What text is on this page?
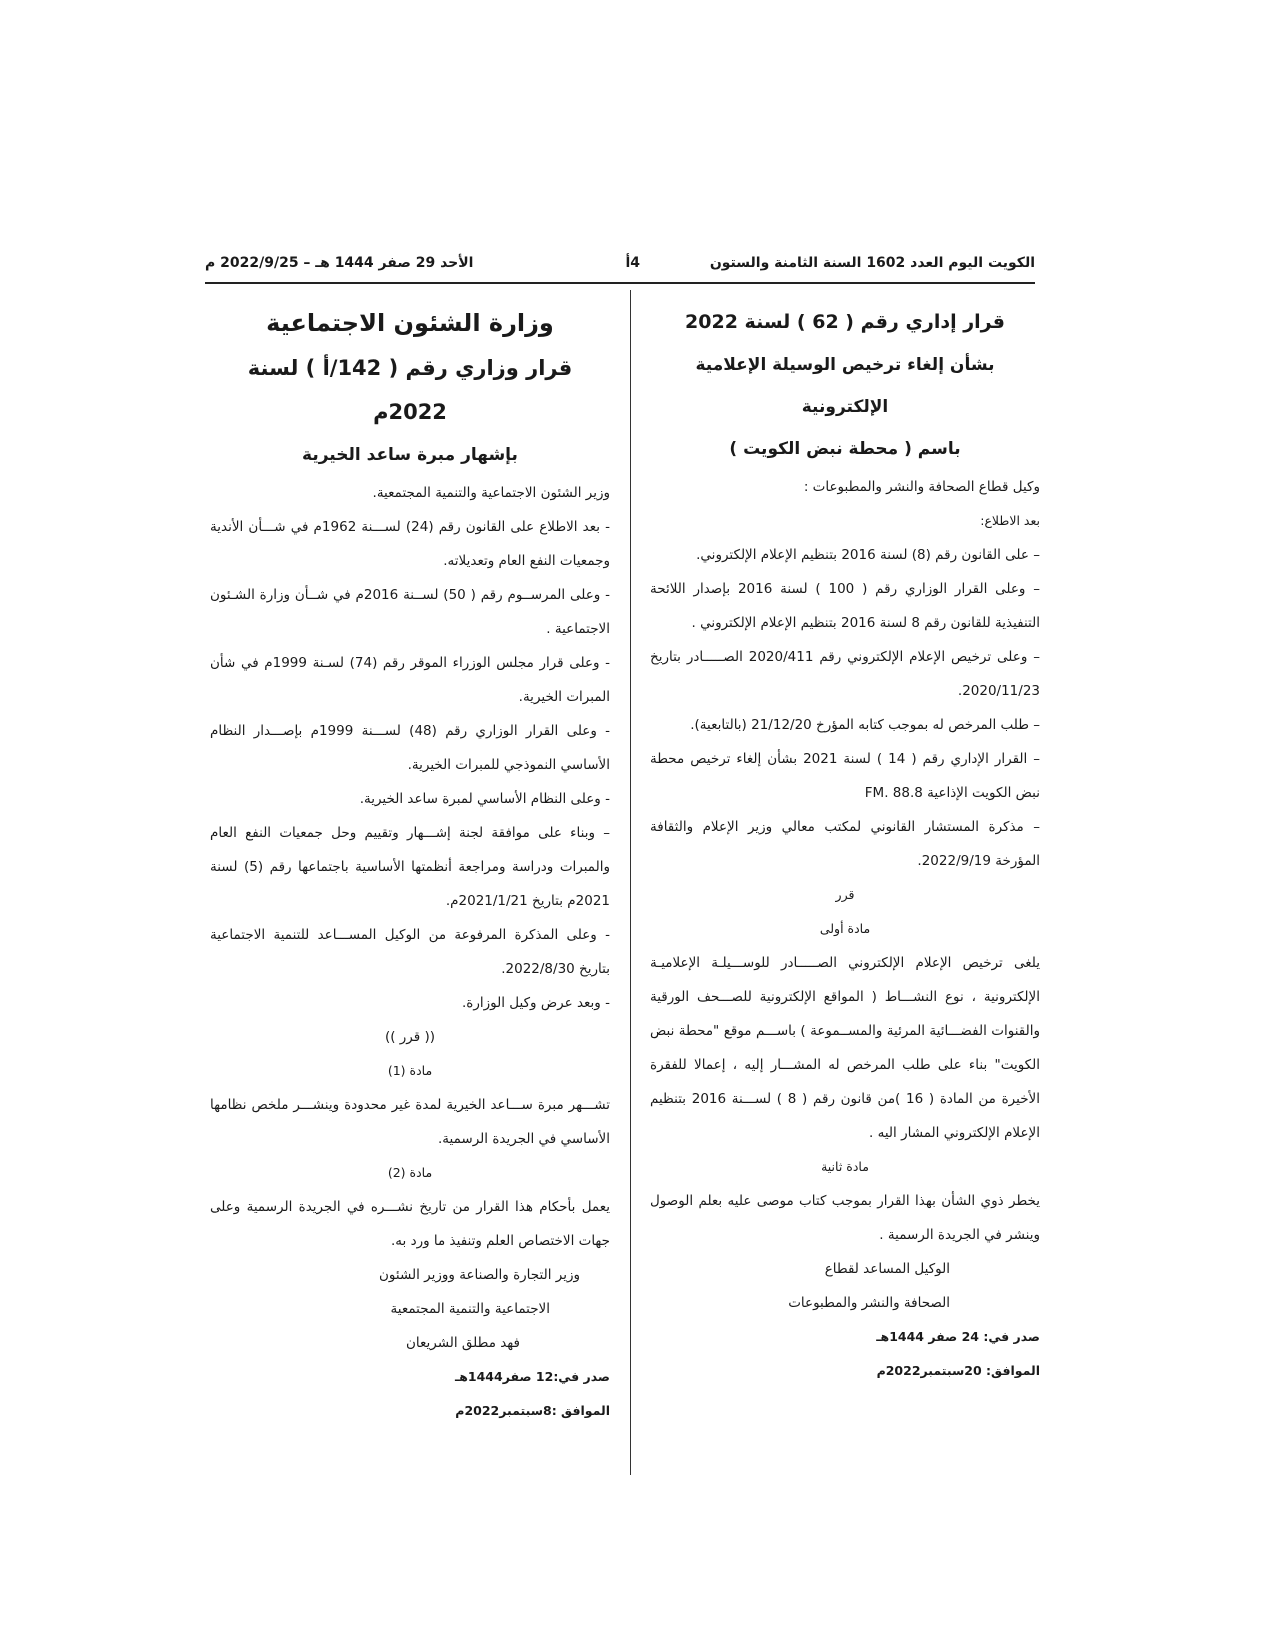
الكويت اليوم العدد 1602 السنة الثامنة والستون
4أ
الأحد 29 صفر 1444 هـ – 2022/9/25 م

قرار إداري رقم ( 62 ) لسنة 2022

بشأن إلغاء ترخيص الوسيلة الإعلامية الإلكترونية

باسم ( محطة نبض الكويت )

وكيل قطاع الصحافة والنشر والمطبوعات :

بعد الاطلاع:

– على القانون رقم (8) لسنة 2016 بتنظيم الإعلام الإلكتروني.

– وعلى القرار الوزاري رقم ( 100 ) لسنة 2016 بإصدار اللائحة التنفيذية للقانون رقم 8 لسنة 2016 بتنظيم الإعلام الإلكتروني .

– وعلى ترخيص الإعلام الإلكتروني رقم 2020/411 الصـــــادر بتاريخ 2020/11/23.

– طلب المرخص له بموجب كتابه المؤرخ 21/12/20 (بالتابعية).

– القرار الإداري رقم ( 14 ) لسنة 2021 بشأن إلغاء ترخيص محطة نبض الكويت الإذاعية FM. 88.8

– مذكرة المستشار القانوني لمكتب معالي وزير الإعلام والثقافة المؤرخة 2022/9/19.

قرر

مادة أولى

يلغى ترخيص الإعلام الإلكتروني الصـــــادر للوســـيلـة الإعلاميـة الإلكترونية ، نوع النشـــاط ( المواقع الإلكترونية للصـــحف الورقية والقنوات الفضـــائية المرئية والمســموعة ) باســـم موقع "محطة نبض الكويت" بناء على طلب المرخص له المشـــار إليه ، إعمالا للفقرة الأخيرة من المادة ( 16 )من قانون رقم ( 8 ) لســـنة 2016 بتنظيم الإعلام الإلكتروني المشار اليه .

مادة ثانية

يخطر ذوي الشأن بهذا القرار بموجب كتاب موصى عليه بعلم الوصول وينشر في الجريدة الرسمية .

الوكيل المساعد لقطاع

الصحافة والنشر والمطبوعات

صدر في: 24 صفر 1444هـ

الموافق: 20سبتمبر2022م

وزارة الشئون الاجتماعية

قرار وزاري رقم ( 142/أ ) لسنة 2022م

بإشهار مبرة ساعد الخيرية

وزير الشئون الاجتماعية والتنمية المجتمعية.

- بعد الاطلاع على القانون رقم (24) لســـنة 1962م في شـــأن الأندية وجمعيات النفع العام وتعديلاته.

- وعلى المرســوم رقم ( 50) لســنة 2016م في شــأن وزارة الشـئون الاجتماعية .

- وعلى قرار مجلس الوزراء الموقر رقم (74) لسـنة 1999م في شأن المبرات الخيرية.

- وعلى القرار الوزاري رقم (48) لســـنة 1999م بإصـــدار النظام الأساسي النموذجي للمبرات الخيرية.

- وعلى النظام الأساسي لمبرة ساعد الخيرية.

– وبناء على موافقة لجنة إشـــهار وتقييم وحل جمعيات النفع العام والمبرات ودراسة ومراجعة أنظمتها الأساسية باجتماعها رقم (5) لسنة 2021م بتاريخ 2021/1/21م.

- وعلى المذكرة المرفوعة من الوكيل المســـاعد للتنمية الاجتماعية بتاريخ 2022/8/30.

- وبعد عرض وكيل الوزارة.

(( قرر ))

مادة (1)

تشـــهر مبرة ســـاعد الخيرية لمدة غير محدودة وينشـــر ملخص نظامها الأساسي في الجريدة الرسمية.

مادة (2)

يعمل بأحكام هذا القرار من تاريخ نشـــره في الجريدة الرسمية وعلى جهات الاختصاص العلم وتنفيذ ما ورد به.

وزير التجارة والصناعة ووزير الشئون

الاجتماعية والتنمية المجتمعية

فهد مطلق الشريعان

صدر في:12 صفر1444هـ

الموافق :8سبتمبر2022م
